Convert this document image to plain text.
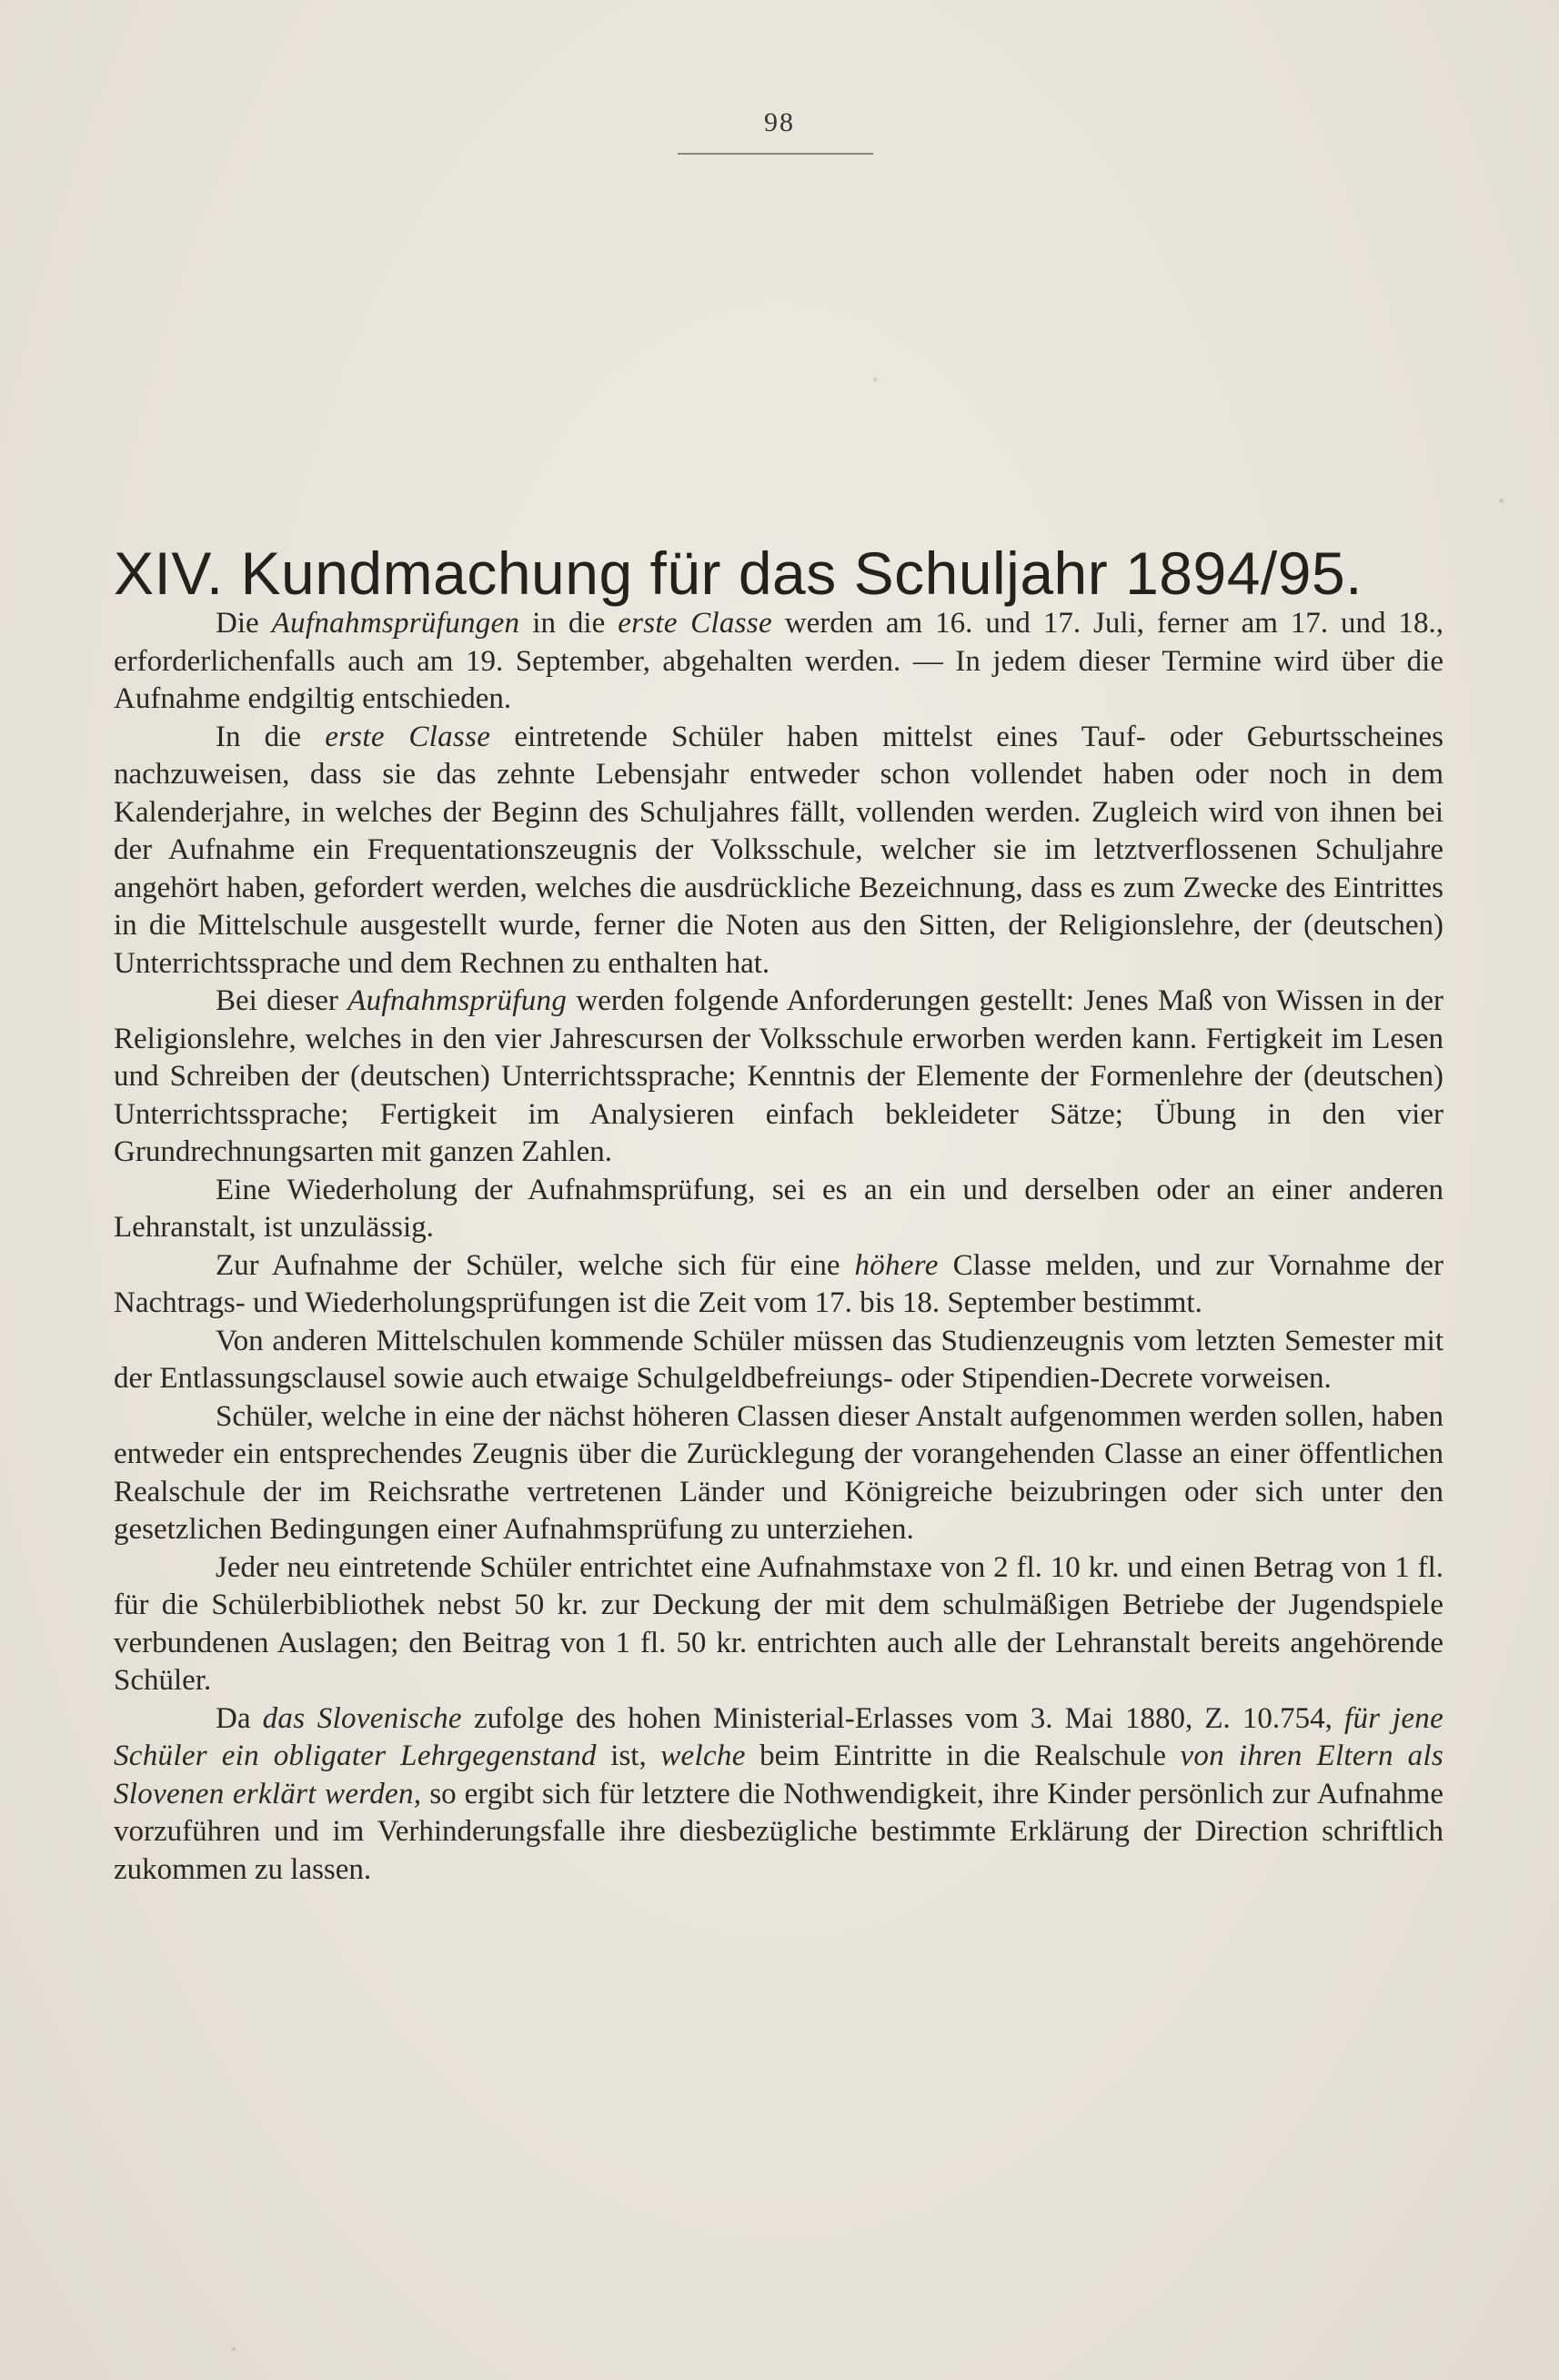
98
XIV. Kundmachung für das Schuljahr 1894/95.

Die Aufnahmsprüfungen in die erste Classe werden am 16. und 17. Juli, ferner am 17. und 18., erforderlichenfalls auch am 19. September, abgehalten werden. — In jedem dieser Termine wird über die Aufnahme endgiltig entschieden.

In die erste Classe eintretende Schüler haben mittelst eines Tauf- oder Geburtsscheines nachzuweisen, dass sie das zehnte Lebensjahr entweder schon vollendet haben oder noch in dem Kalenderjahre, in welches der Beginn des Schuljahres fällt, vollenden werden. Zugleich wird von ihnen bei der Aufnahme ein Frequentationszeugnis der Volksschule, welcher sie im letztverflossenen Schuljahre angehört haben, gefordert werden, welches die ausdrückliche Bezeichnung, dass es zum Zwecke des Eintrittes in die Mittelschule ausgestellt wurde, ferner die Noten aus den Sitten, der Religionslehre, der (deutschen) Unterrichtssprache und dem Rechnen zu enthalten hat.

Bei dieser Aufnahmsprüfung werden folgende Anforderungen gestellt: Jenes Maß von Wissen in der Religionslehre, welches in den vier Jahrescursen der Volksschule erworben werden kann. Fertigkeit im Lesen und Schreiben der (deutschen) Unterrichtssprache; Kenntnis der Elemente der Formenlehre der (deutschen) Unterrichtssprache; Fertigkeit im Analysieren einfach bekleideter Sätze; Übung in den vier Grundrechnungsarten mit ganzen Zahlen.

Eine Wiederholung der Aufnahmsprüfung, sei es an ein und derselben oder an einer anderen Lehranstalt, ist unzulässig.

Zur Aufnahme der Schüler, welche sich für eine höhere Classe melden, und zur Vornahme der Nachtrags- und Wiederholungsprüfungen ist die Zeit vom 17. bis 18. September bestimmt.

Von anderen Mittelschulen kommende Schüler müssen das Studienzeugnis vom letzten Semester mit der Entlassungsclausel sowie auch etwaige Schulgeldbefreiungs- oder Stipendien-Decrete vorweisen.

Schüler, welche in eine der nächst höheren Classen dieser Anstalt aufgenommen werden sollen, haben entweder ein entsprechendes Zeugnis über die Zurücklegung der vorangehenden Classe an einer öffentlichen Realschule der im Reichsrathe vertretenen Länder und Königreiche beizubringen oder sich unter den gesetzlichen Bedingungen einer Aufnahmsprüfung zu unterziehen.

Jeder neu eintretende Schüler entrichtet eine Aufnahmstaxe von 2 fl. 10 kr. und einen Betrag von 1 fl. für die Schülerbibliothek nebst 50 kr. zur Deckung der mit dem schulmäßigen Betriebe der Jugendspiele verbundenen Auslagen; den Beitrag von 1 fl. 50 kr. entrichten auch alle der Lehranstalt bereits angehörende Schüler.

Da das Slovenische zufolge des hohen Ministerial-Erlasses vom 3. Mai 1880, Z. 10.754, für jene Schüler ein obligater Lehrgegenstand ist, welche beim Eintritte in die Realschule von ihren Eltern als Slovenen erklärt werden, so ergibt sich für letztere die Nothwendigkeit, ihre Kinder persönlich zur Aufnahme vorzuführen und im Verhinderungsfalle ihre diesbezügliche bestimmte Erklärung der Direction schriftlich zukommen zu lassen.
